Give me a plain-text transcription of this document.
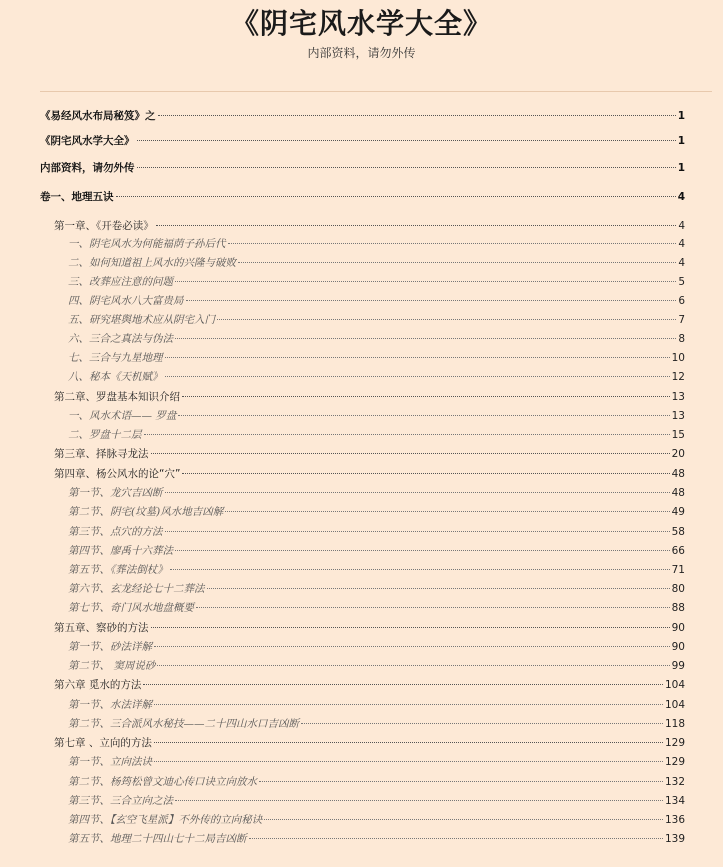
《阴宅风水学大全》
内部资料，请勿外传
《易经风水布局秘笈》之	1
《阴宅风水学大全》	1
内部资料，请勿外传	1
卷一、地理五诀	4
第一章、《开卷必读》	4
一、阴宅风水为何能福荫子孙后代	4
二、如何知道祖上风水的兴隆与破败	4
三、改葬应注意的问题	5
四、阴宅风水八大富贵局	6
五、研究堪舆地术应从阴宅入门	7
六、三合之真法与伪法	8
七、三合与九星地理	10
八、秘本《天机赋》	12
第二章、罗盘基本知识介绍	13
一、风水术语—— 罗盘	13
二、罗盘十二层	15
第三章、择脉寻龙法	20
第四章、杨公风水的论“穴”	48
第一节、龙穴吉凶断	48
第二节、阴宅(坟墓)风水地吉凶解	49
第三节、点穴的方法	58
第四节、廖禹十六葬法	66
第五节、《葬法倒杖》	71
第六节、玄龙经论七十二葬法	80
第七节、奇门风水地盘概要	88
第五章、察砂的方法	90
第一节、砂法详解	90
第二节、 窦周说砂	99
第六章 觅水的方法	104
第一节、水法详解	104
第二节、三合派风水秘技——二十四山水口吉凶断	118
第七章 、立向的方法	129
第一节、立向法诀	129
第二节、杨筠松曾文迪心传口诀立向放水	132
第三节、三合立向之法	134
第四节、【玄空飞星派】不外传的立向秘诀	136
第五节、地理二十四山七十二局吉凶断	139
